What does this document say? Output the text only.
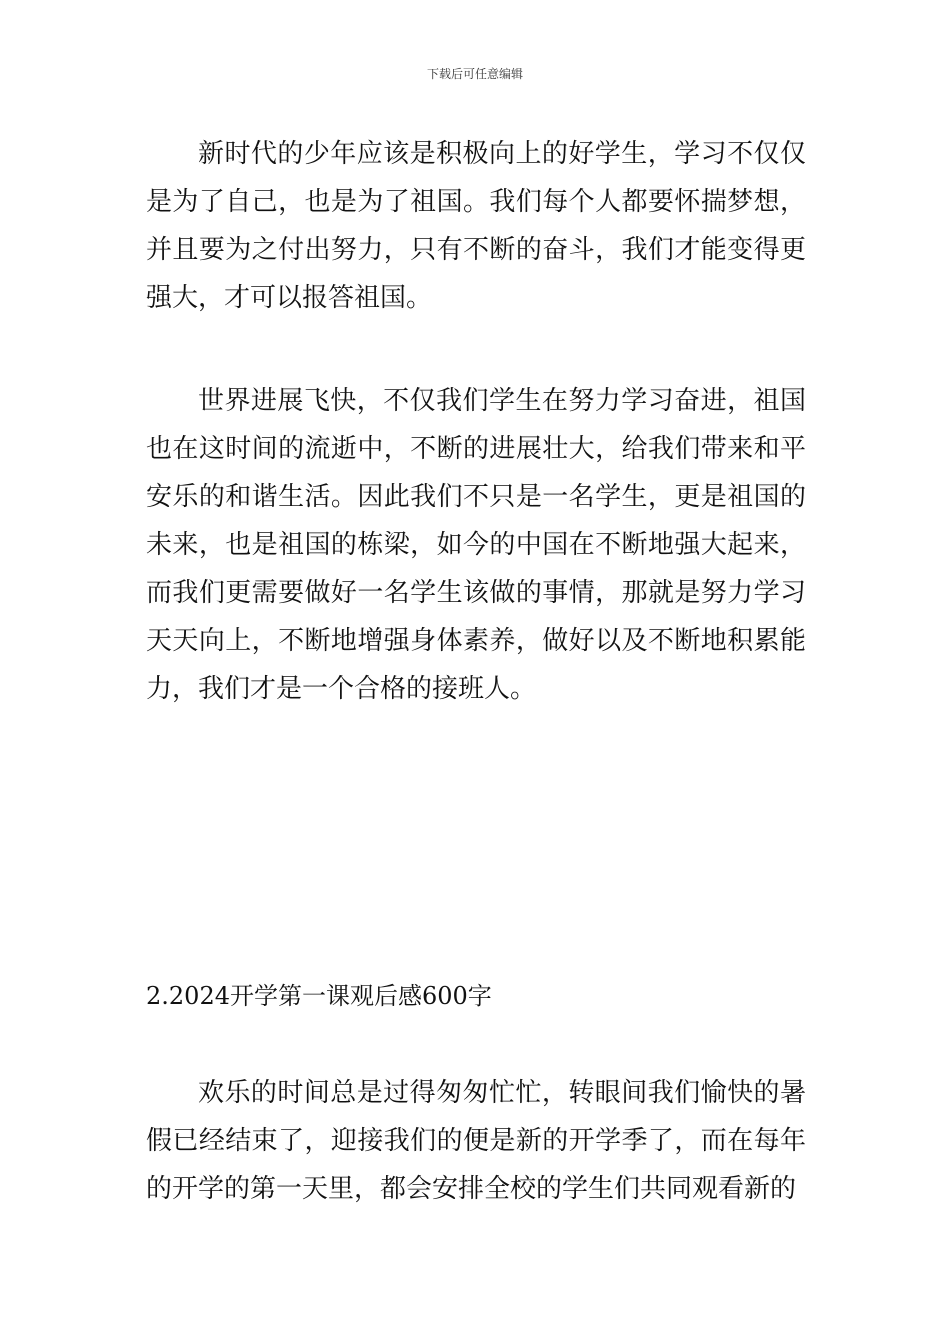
下载后可任意编辑

新时代的少年应该是积极向上的好学生，学习不仅仅是为了自己，也是为了祖国。我们每个人都要怀揣梦想，并且要为之付出努力，只有不断的奋斗，我们才能变得更强大，才可以报答祖国。

世界进展飞快，不仅我们学生在努力学习奋进，祖国也在这时间的流逝中，不断的进展壮大，给我们带来和平安乐的和谐生活。因此我们不只是一名学生，更是祖国的未来，也是祖国的栋梁，如今的中国在不断地强大起来，而我们更需要做好一名学生该做的事情，那就是努力学习天天向上，不断地增强身体素养，做好以及不断地积累能力，我们才是一个合格的接班人。

2.2024开学第一课观后感600字

欢乐的时间总是过得匆匆忙忙，转眼间我们愉快的暑假已经结束了，迎接我们的便是新的开学季了，而在每年的开学的第一天里，都会安排全校的学生们共同观看新的
